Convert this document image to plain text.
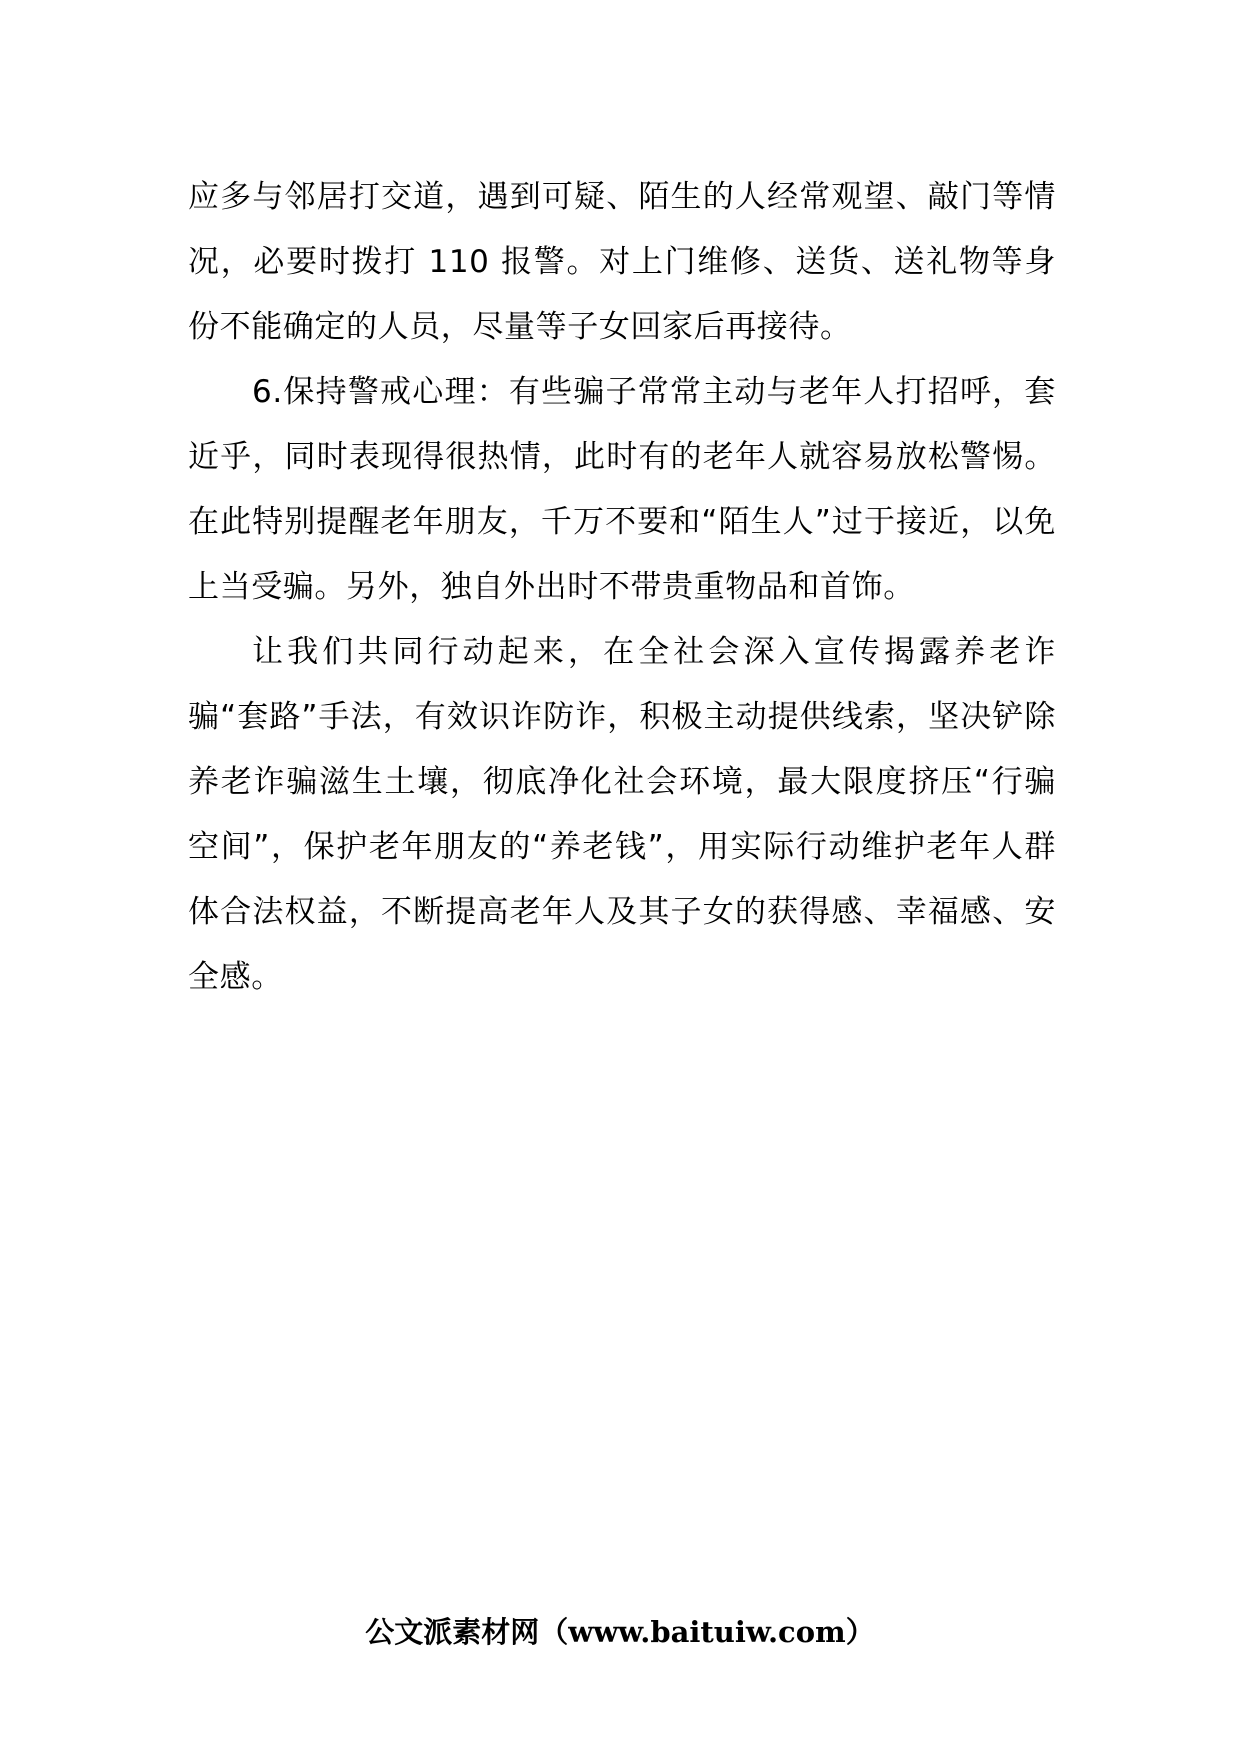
应多与邻居打交道，遇到可疑、陌生的人经常观望、敲门等情况，必要时拨打 110 报警。对上门维修、送货、送礼物等身份不能确定的人员，尽量等子女回家后再接待。

6.保持警戒心理：有些骗子常常主动与老年人打招呼，套近乎，同时表现得很热情，此时有的老年人就容易放松警惕。在此特别提醒老年朋友，千万不要和“陌生人”过于接近，以免上当受骗。另外，独自外出时不带贵重物品和首饰。

让我们共同行动起来，在全社会深入宣传揭露养老诈骗“套路”手法，有效识诈防诈，积极主动提供线索，坚决铲除养老诈骗滋生土壤，彻底净化社会环境，最大限度挤压“行骗空间”，保护老年朋友的“养老钱”，用实际行动维护老年人群体合法权益，不断提高老年人及其子女的获得感、幸福感、安全感。

公文派素材网（www.baituiw.com）
